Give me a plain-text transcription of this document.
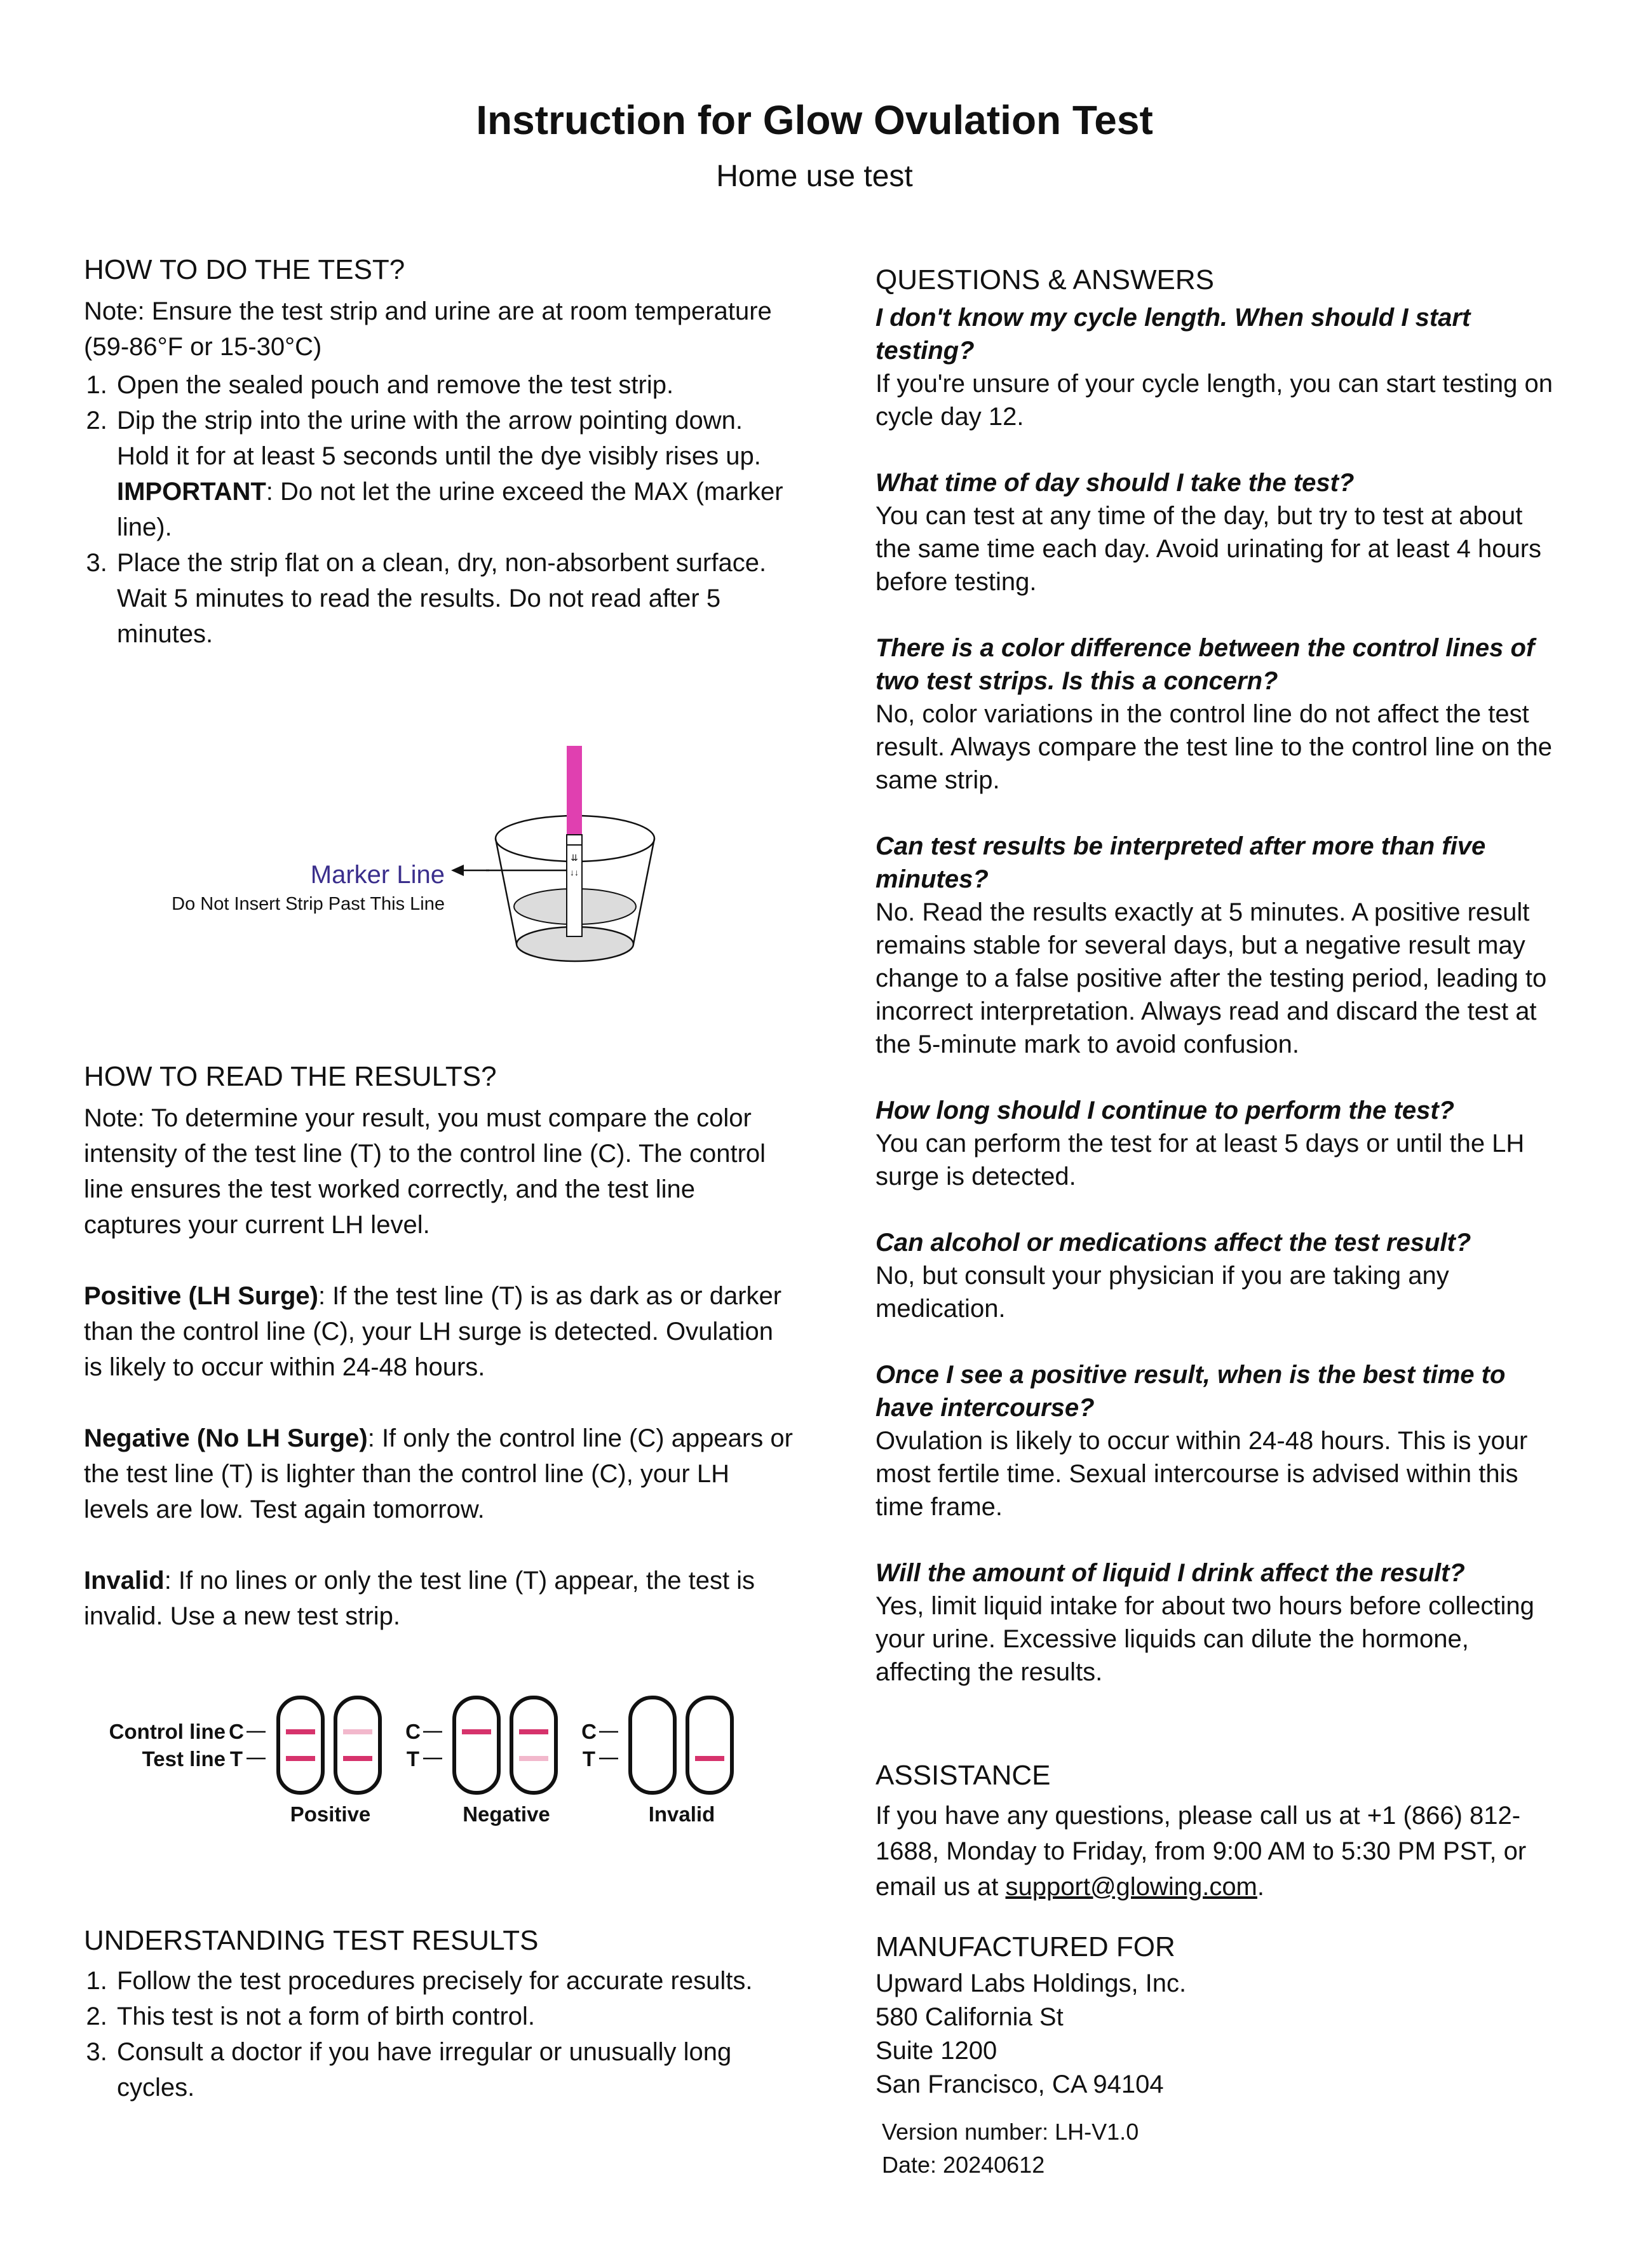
Instruction for Glow Ovulation Test
Home use test
HOW TO DO THE TEST?

Note: Ensure the test strip and urine are at room temperature (59-86°F or 15-30°C)

1. Open the sealed pouch and remove the test strip.
2. Dip the strip into the urine with the arrow pointing down. Hold it for at least 5 seconds until the dye visibly rises up. IMPORTANT: Do not let the urine exceed the MAX (marker line).
3. Place the strip flat on a clean, dry, non-absorbent surface. Wait 5 minutes to read the results. Do not read after 5 minutes.
Marker Line
Do Not Insert Strip Past This Line
⇊
↓↓
HOW TO READ THE RESULTS?

Note: To determine your result, you must compare the color intensity of the test line (T) to the control line (C). The control line ensures the test worked correctly, and the test line captures your current LH level.

Positive (LH Surge): If the test line (T) is as dark as or darker than the control line (C), your LH surge is detected. Ovulation is likely to occur within 24-48 hours.

Negative (No LH Surge): If only the control line (C) appears or the test line (T) is lighter than the control line (C), your LH levels are low. Test again tomorrow.

Invalid: If no lines or only the test line (T) appear, the test is invalid. Use a new test strip.

Control line
Test line
C
T
C
T
C
T
Positive	Negative	Invalid
UNDERSTANDING TEST RESULTS
1. Follow the test procedures precisely for accurate results.
2. This test is not a form of birth control.
3. Consult a doctor if you have irregular or unusually long cycles.
QUESTIONS & ANSWERS

I don't know my cycle length. When should I start testing?

If you're unsure of your cycle length, you can start testing on cycle day 12.

What time of day should I take the test?

You can test at any time of the day, but try to test at about the same time each day. Avoid urinating for at least 4 hours before testing.

There is a color difference between the control lines of two test strips. Is this a concern?

No, color variations in the control line do not affect the test result. Always compare the test line to the control line on the same strip.

Can test results be interpreted after more than five minutes?

No. Read the results exactly at 5 minutes. A positive result remains stable for several days, but a negative result may change to a false positive after the testing period, leading to incorrect interpretation. Always read and discard the test at the 5-minute mark to avoid confusion.

How long should I continue to perform the test?

You can perform the test for at least 5 days or until the LH surge is detected.

Can alcohol or medications affect the test result?

No, but consult your physician if you are taking any medication.

Once I see a positive result, when is the best time to have intercourse?

Ovulation is likely to occur within 24-48 hours. This is your most fertile time. Sexual intercourse is advised within this time frame.

Will the amount of liquid I drink affect the result?

Yes, limit liquid intake for about two hours before collecting your urine. Excessive liquids can dilute the hormone, affecting the results.

ASSISTANCE

If you have any questions, please call us at +1 (866) 812-1688, Monday to Friday, from 9:00 AM to 5:30 PM PST, or email us at support@glowing.com.

MANUFACTURED FOR

Upward Labs Holdings, Inc.

580 California St

Suite 1200

San Francisco, CA 94104

Version number: LH-V1.0

Date: 20240612
